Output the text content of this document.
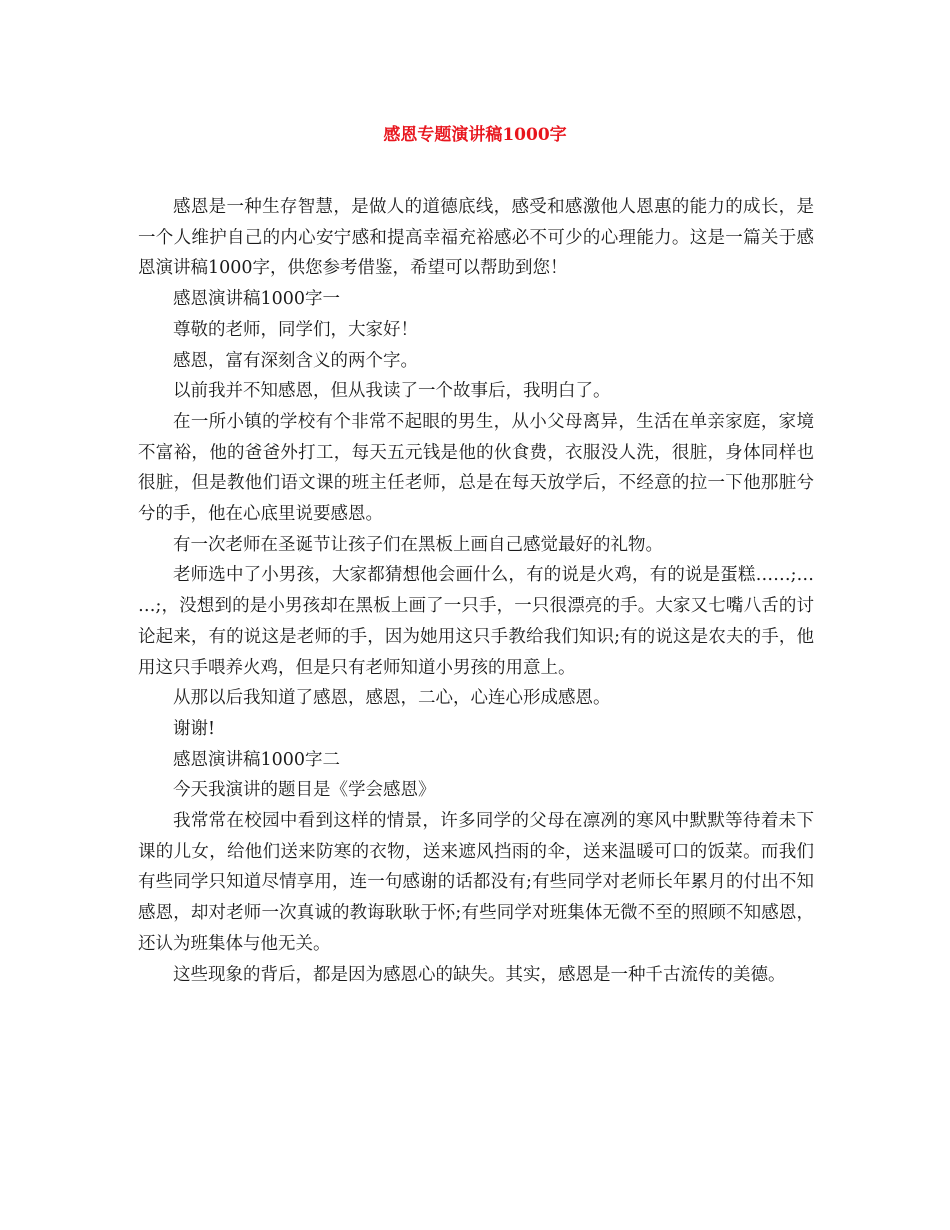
感恩专题演讲稿1000字

感恩是一种生存智慧，是做人的道德底线，感受和感激他人恩惠的能力的成长，是一个人维护自己的内心安宁感和提高幸福充裕感必不可少的心理能力。这是一篇关于感恩演讲稿1000字，供您参考借鉴，希望可以帮助到您！

感恩演讲稿1000字一

尊敬的老师，同学们，大家好！

感恩，富有深刻含义的两个字。

以前我并不知感恩，但从我读了一个故事后，我明白了。

在一所小镇的学校有个非常不起眼的男生，从小父母离异，生活在单亲家庭，家境不富裕，他的爸爸外打工，每天五元钱是他的伙食费，衣服没人洗，很脏，身体同样也很脏，但是教他们语文课的班主任老师，总是在每天放学后，不经意的拉一下他那脏兮兮的手，他在心底里说要感恩。

有一次老师在圣诞节让孩子们在黑板上画自己感觉最好的礼物。

老师选中了小男孩，大家都猜想他会画什么，有的说是火鸡，有的说是蛋糕……;……;，没想到的是小男孩却在黑板上画了一只手，一只很漂亮的手。大家又七嘴八舌的讨论起来，有的说这是老师的手，因为她用这只手教给我们知识;有的说这是农夫的手，他用这只手喂养火鸡，但是只有老师知道小男孩的用意上。

从那以后我知道了感恩，感恩，二心，心连心形成感恩。

谢谢!

感恩演讲稿1000字二

今天我演讲的题目是《学会感恩》

我常常在校园中看到这样的情景，许多同学的父母在凛冽的寒风中默默等待着未下课的儿女，给他们送来防寒的衣物，送来遮风挡雨的伞，送来温暖可口的饭菜。而我们有些同学只知道尽情享用，连一句感谢的话都没有;有些同学对老师长年累月的付出不知感恩，却对老师一次真诚的教诲耿耿于怀;有些同学对班集体无微不至的照顾不知感恩，还认为班集体与他无关。

这些现象的背后，都是因为感恩心的缺失。其实，感恩是一种千古流传的美德。
